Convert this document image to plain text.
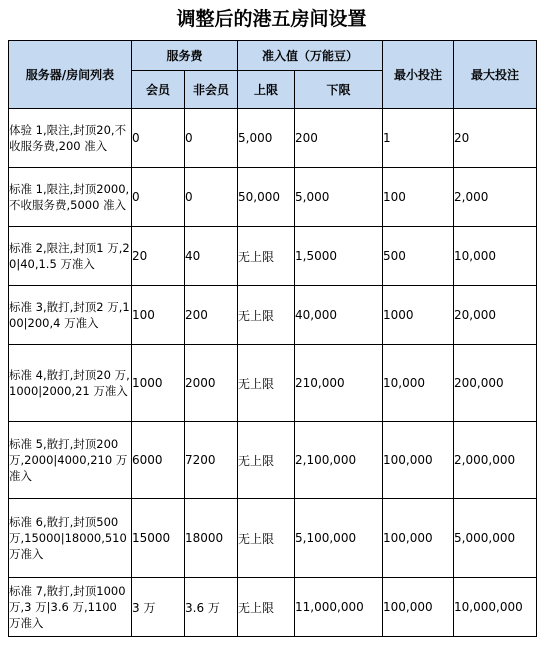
调整后的港五房间设置
服务器/房间列表	服务费		准入值（万能豆）		最小投注	最大投注
	会员	非会员	上限	下限		
体验 1,限注,封顶20,不收服务费,200 准入	0	0	5,000	200	1	20
标准 1,限注,封顶2000,不收服务费,5000 准入	0	0	50,000	5,000	100	2,000
标准 2,限注,封顶1 万,20|40,1.5 万准入	20	40	无上限	1,5000	500	10,000
标准 3,散打,封顶2 万,100|200,4 万准入	100	200	无上限	40,000	1000	20,000
标准 4,散打,封顶20 万,1000|2000,21 万准入	1000	2000	无上限	210,000	10,000	200,000
标准 5,散打,封顶200 万,2000|4000,210 万准入	6000	7200	无上限	2,100,000	100,000	2,000,000
标准 6,散打,封顶500 万,15000|18000,510 万准入	15000	18000	无上限	5,100,000	100,000	5,000,000
标准 7,散打,封顶1000 万,3 万|3.6 万,1100 万准入	3 万	3.6 万	无上限	11,000,000	100,000	10,000,000
